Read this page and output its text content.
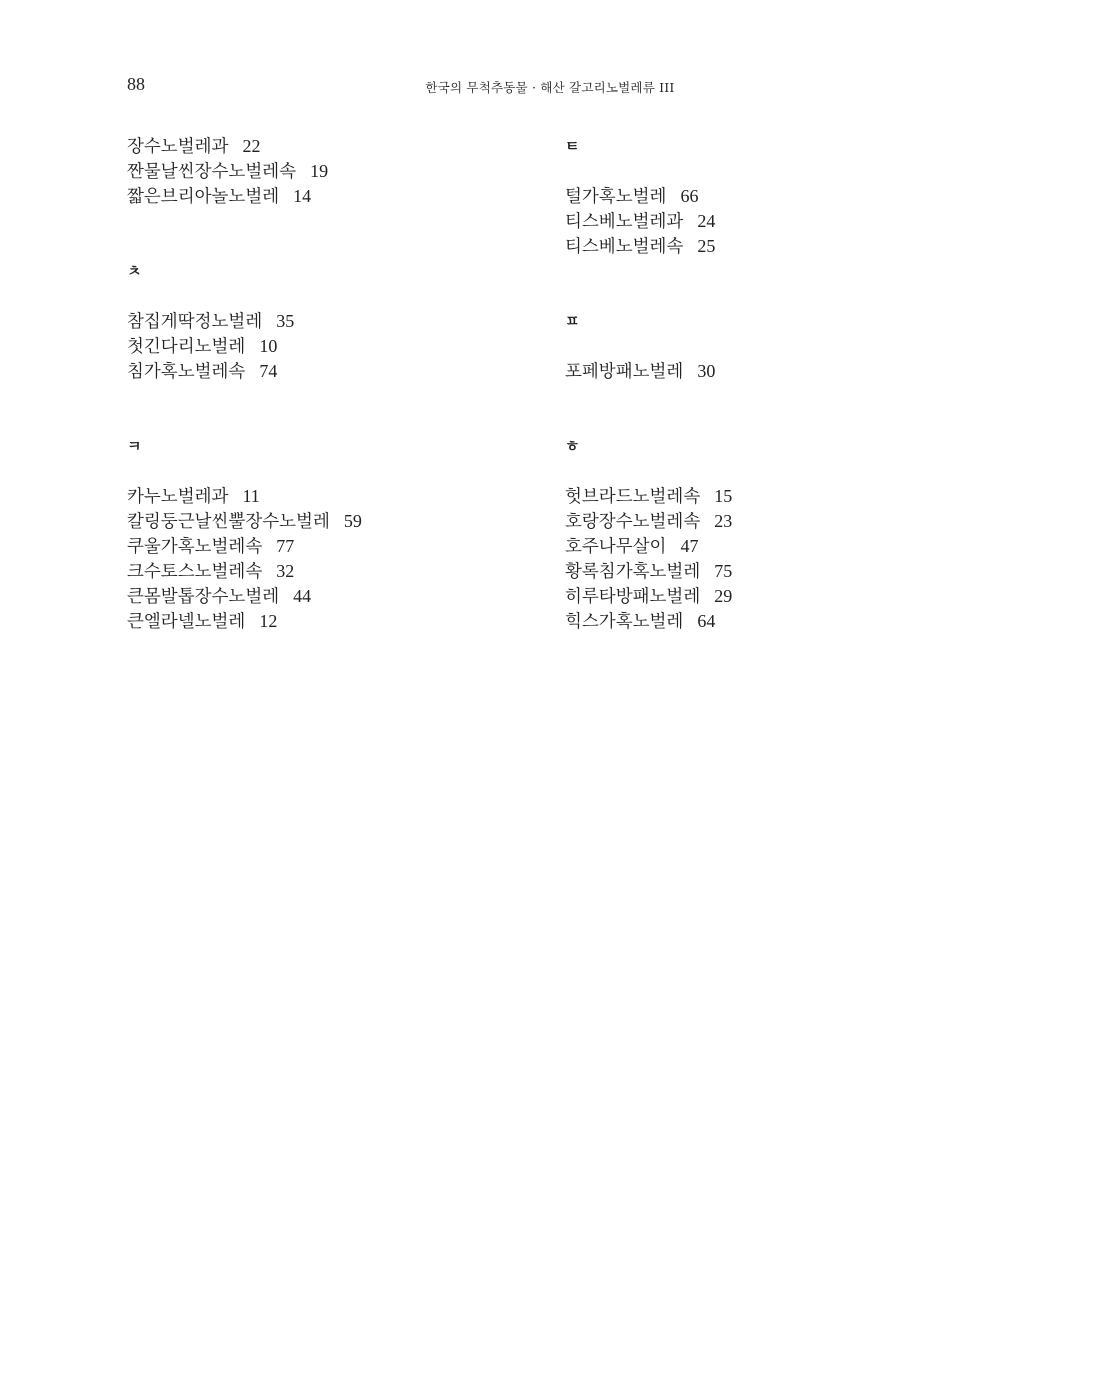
88	한국의 무척추동물 · 해산 갈고리노벌레류 III
장수노벌레과 22
짠물날씬장수노벌레속 19
짧은브리아놀노벌레 14
ㅊ
참집게딱정노벌레 35
첫긴다리노벌레 10
침가혹노벌레속 74
ㅋ
카누노벌레과 11
칼링둥근날씬뿔장수노벌레 59
쿠울가혹노벌레속 77
크수토스노벌레속 32
큰몸발톱장수노벌레 44
큰엘라넬노벌레 12
ㅌ
털가혹노벌레 66
티스베노벌레과 24
티스베노벌레속 25
ㅍ
포페방패노벌레 30
ㅎ
헛브라드노벌레속 15
호랑장수노벌레속 23
호주나무살이 47
황록침가혹노벌레 75
히루타방패노벌레 29
힉스가혹노벌레 64
